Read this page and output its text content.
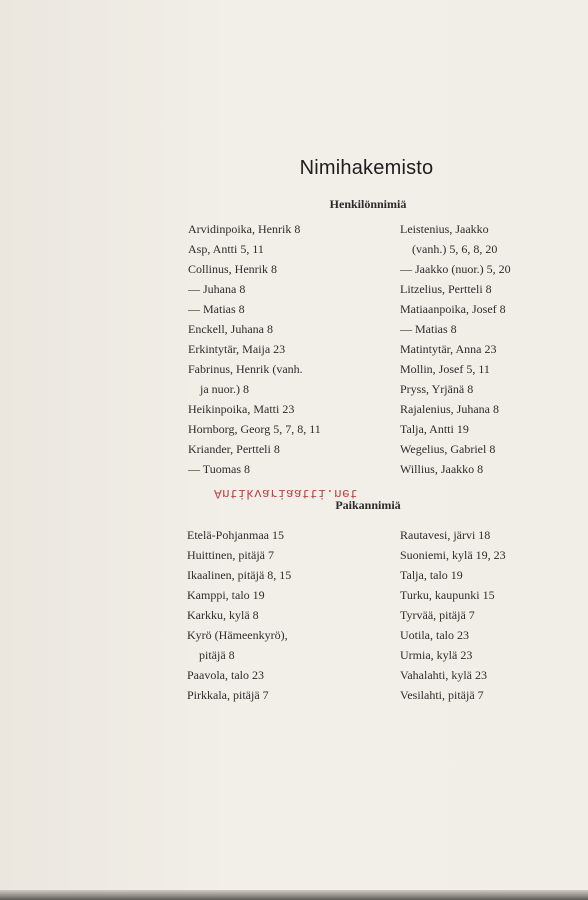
Nimihakemisto
Henkilönnimiä
Arvidinpoika, Henrik 8
Asp, Antti 5, 11
Collinus, Henrik 8
— Juhana 8
— Matias 8
Enckell, Juhana 8
Erkintytär, Maija 23
Fabrinus, Henrik (vanh.
ja nuor.) 8
Heikinpoika, Matti 23
Hornborg, Georg 5, 7, 8, 11
Kriander, Pertteli 8
— Tuomas 8
Leistenius, Jaakko
(vanh.) 5, 6, 8, 20
— Jaakko (nuor.) 5, 20
Litzelius, Pertteli 8
Matiaanpoika, Josef 8
— Matias 8
Matintytär, Anna 23
Mollin, Josef 5, 11
Pryss, Yrjänä 8
Rajalenius, Juhana 8
Talja, Antti 19
Wegelius, Gabriel 8
Willius, Jaakko 8
Antikvariaatti.net
Paikannimiä
Etelä-Pohjanmaa 15
Huittinen, pitäjä 7
Ikaalinen, pitäjä 8, 15
Kamppi, talo 19
Karkku, kylä 8
Kyrö (Hämeenkyrö),
pitäjä 8
Paavola, talo 23
Pirkkala, pitäjä 7
Rautavesi, järvi 18
Suoniemi, kylä 19, 23
Talja, talo 19
Turku, kaupunki 15
Tyrvää, pitäjä 7
Uotila, talo 23
Urmia, kylä 23
Vahalahti, kylä 23
Vesilahti, pitäjä 7
